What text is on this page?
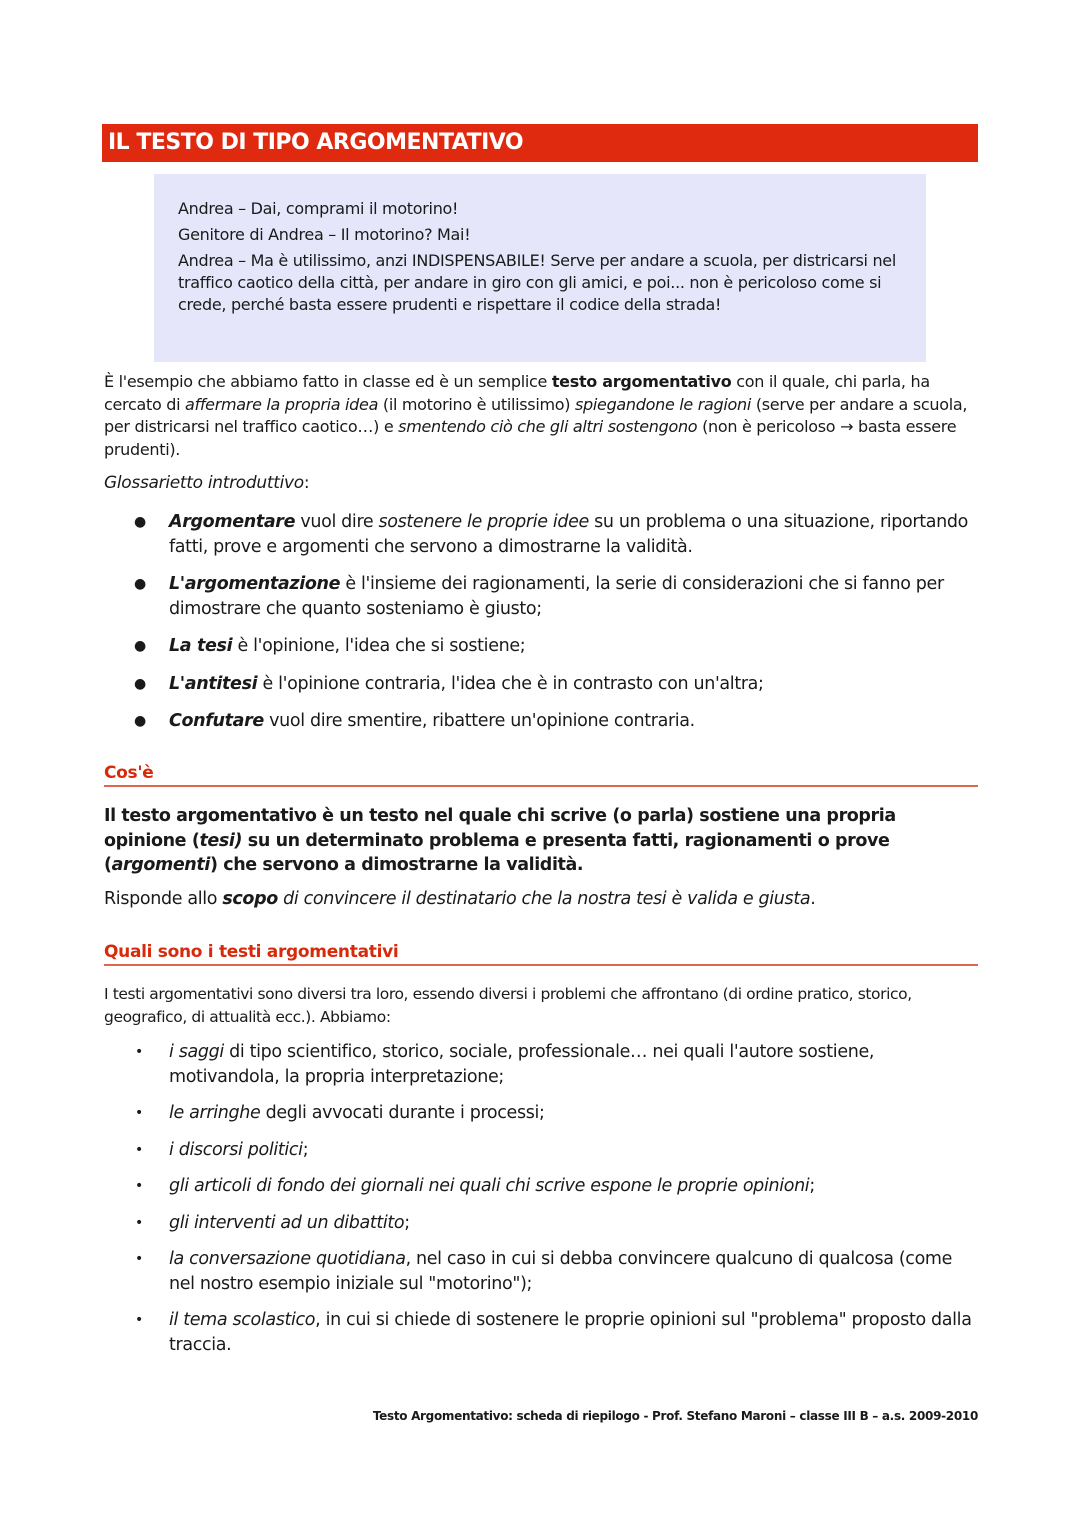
IL TESTO DI TIPO ARGOMENTATIVO

Andrea – Dai, comprami il motorino!

Genitore di Andrea – Il motorino? Mai!

Andrea – Ma è utilissimo, anzi INDISPENSABILE! Serve per andare a scuola, per districarsi nel traffico caotico della città, per andare in giro con gli amici, e poi... non è pericoloso come si crede, perché basta essere prudenti e rispettare il codice della strada!

È l'esempio che abbiamo fatto in classe ed è un semplice testo argomentativo con il quale, chi parla, ha cercato di affermare la propria idea (il motorino è utilissimo) spiegandone le ragioni (serve per andare a scuola, per districarsi nel traffico caotico…) e smentendo ciò che gli altri sostengono (non è pericoloso → basta essere prudenti).

Glossarietto introduttivo:
● Argomentare vuol dire sostenere le proprie idee su un problema o una situazione, riportando fatti, prove e argomenti che servono a dimostrarne la validità.
● L'argomentazione è l'insieme dei ragionamenti, la serie di considerazioni che si fanno per dimostrare che quanto sosteniamo è giusto;
● La tesi è l'opinione, l'idea che si sostiene;
● L'antitesi è l'opinione contraria, l'idea che è in contrasto con un'altra;
● Confutare vuol dire smentire, ribattere un'opinione contraria.
Cos'è
Il testo argomentativo è un testo nel quale chi scrive (o parla) sostiene una propria opinione (tesi) su un determinato problema e presenta fatti, ragionamenti o prove (argomenti) che servono a dimostrarne la validità.
Risponde allo scopo di convincere il destinatario che la nostra tesi è valida e giusta.
Quali sono i testi argomentativi
I testi argomentativi sono diversi tra loro, essendo diversi i problemi che affrontano (di ordine pratico, storico, geografico, di attualità ecc.). Abbiamo:
• i saggi di tipo scientifico, storico, sociale, professionale… nei quali l'autore sostiene, motivandola, la propria interpretazione;
• le arringhe degli avvocati durante i processi;
• i discorsi politici;
• gli articoli di fondo dei giornali nei quali chi scrive espone le proprie opinioni;
• gli interventi ad un dibattito;
• la conversazione quotidiana, nel caso in cui si debba convincere qualcuno di qualcosa (come nel nostro esempio iniziale sul "motorino");
• il tema scolastico, in cui si chiede di sostenere le proprie opinioni sul "problema" proposto dalla traccia.
Testo Argomentativo: scheda di riepilogo - Prof. Stefano Maroni – classe III B – a.s. 2009-2010
